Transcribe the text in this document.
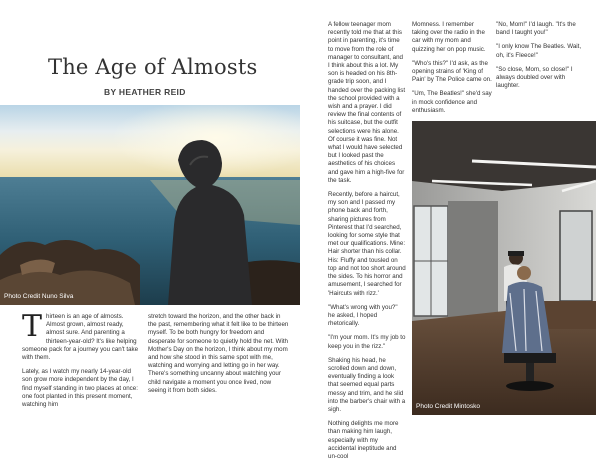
The Age of Almosts
BY HEATHER REID
Photo Credit Nuno Silva

T hirteen is an age of almosts. Almost grown, almost ready, almost sure. And parenting a thirteen-year-old? It's like helping someone pack for a journey you can't take with them.

Lately, as I watch my nearly 14-year-old son grow more independent by the day, I find myself standing in two places at once: one foot planted in this present moment, watching him

stretch toward the horizon, and the other back in the past, remembering what it felt like to be thirteen myself. To be both hungry for freedom and desperate for someone to quietly hold the net. With Mother's Day on the horizon, I think about my mom and how she stood in this same spot with me, watching and worrying and letting go in her way. There's something uncanny about watching your child navigate a moment you once lived, now seeing it from both sides.

A fellow teenager mom recently told me that at this point in parenting, it's time to move from the role of manager to consultant, and I think about this a lot. My son is headed on his 8th-grade trip soon, and I handed over the packing list the school provided with a wish and a prayer. I did review the final contents of his suitcase, but the outfit selections were his alone. Of course it was fine. Not what I would have selected but I looked past the aesthetics of his choices and gave him a high-five for the task.

Recently, before a haircut, my son and I passed my phone back and forth, sharing pictures from Pinterest that I'd searched, looking for some style that met our qualifications. Mine: Hair shorter than his collar. His: Fluffy and tousled on top and not too short around the sides. To his horror and amusement, I searched for 'Haircuts with rizz.'

"What's wrong with you?" he asked, I hoped rhetorically.

"I'm your mom. It's my job to keep you in the rizz."

Shaking his head, he scrolled down and down, eventually finding a look that seemed equal parts messy and trim, and he slid into the barber's chair with a sigh.

Nothing delights me more than making him laugh, especially with my accidental ineptitude and un-cool

Momness. I remember taking over the radio in the car with my mom and quizzing her on pop music.

"Who's this?" I'd ask, as the opening strains of 'King of Pain' by The Police came on.

"Um, The Beatles!" she'd say in mock confidence and enthusiasm.

"No, Mom!" I'd laugh. "It's the band I taught you!"

"I only know The Beatles. Wait, oh, it's Fleece!"

"So close, Mom, so close!" I always doubled over with laughter.

Photo Credit Mintosko
